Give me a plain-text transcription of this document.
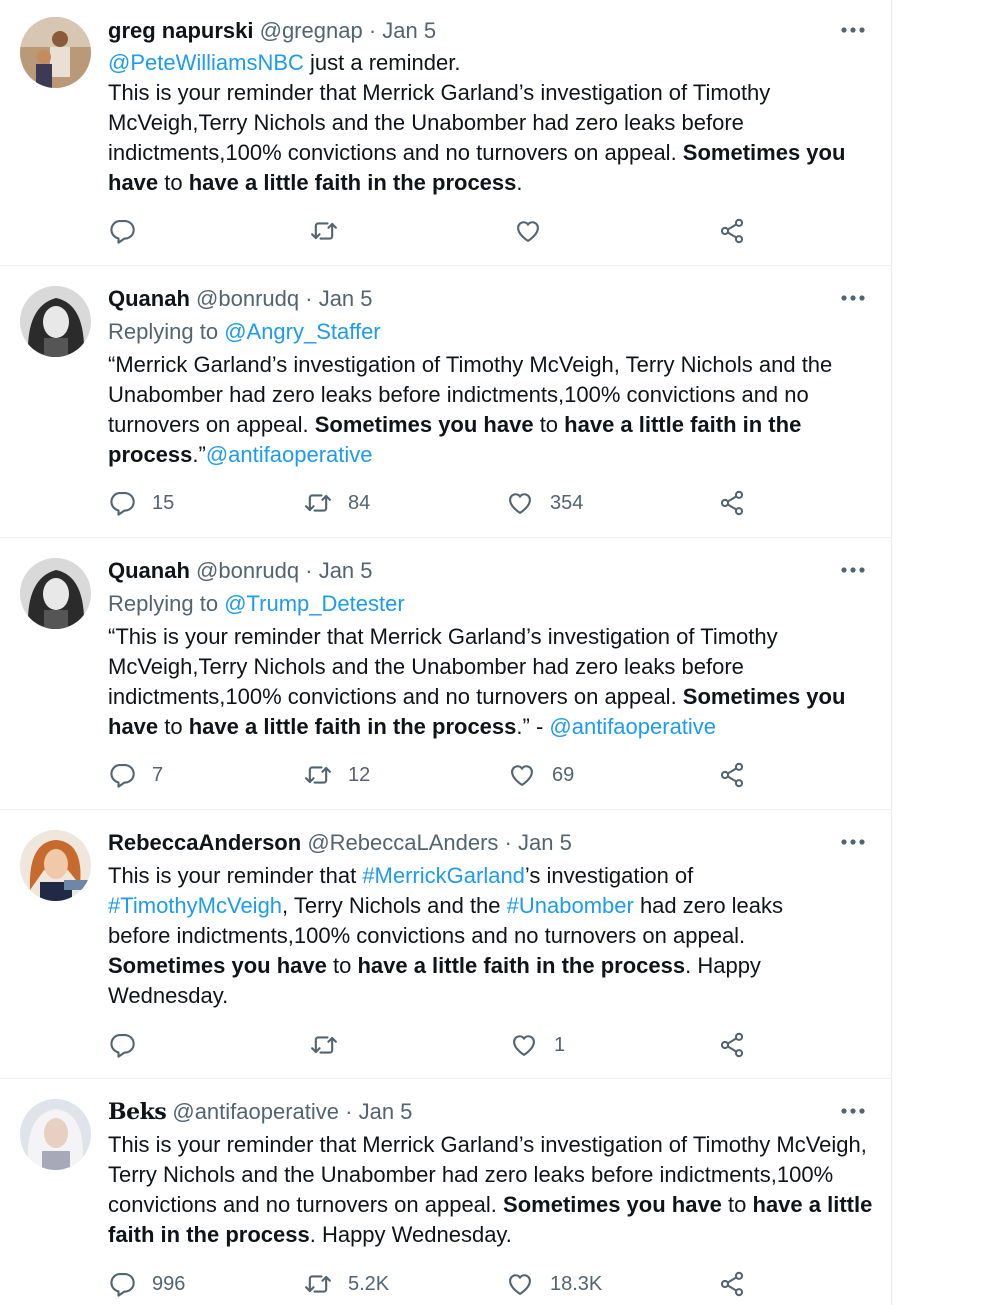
greg napurski @gregnap · Jan 5

@PeteWilliamsNBC just a reminder.

This is your reminder that Merrick Garland’s investigation of Timothy McVeigh,Terry Nichols and the Unabomber had zero leaks before indictments,100% convictions and no turnovers on appeal. Sometimes you have to have a little faith in the process.

Quanah @bonrudq · Jan 5
Replying to @Angry_Staffer

“Merrick Garland’s investigation of Timothy McVeigh, Terry Nichols and the Unabomber had zero leaks before indictments,100% convictions and no turnovers on appeal. Sometimes you have to have a little faith in the process.”@antifaoperative

15	84	354
Quanah @bonrudq · Jan 5
Replying to @Trump_Detester

“This is your reminder that Merrick Garland’s investigation of Timothy McVeigh,Terry Nichols and the Unabomber had zero leaks before indictments,100% convictions and no turnovers on appeal. Sometimes you have to have a little faith in the process.” - @antifaoperative

7	12	69
RebeccaAnderson @RebeccaLAnders · Jan 5

This is your reminder that #MerrickGarland’s investigation of #TimothyMcVeigh, Terry Nichols and the #Unabomber had zero leaks before indictments,100% convictions and no turnovers on appeal. Sometimes you have to have a little faith in the process. Happy Wednesday.

1
Beks @antifaoperative · Jan 5

This is your reminder that Merrick Garland’s investigation of Timothy McVeigh, Terry Nichols and the Unabomber had zero leaks before indictments,100% convictions and no turnovers on appeal. Sometimes you have to have a little faith in the process. Happy Wednesday.

996	5.2K	18.3K
